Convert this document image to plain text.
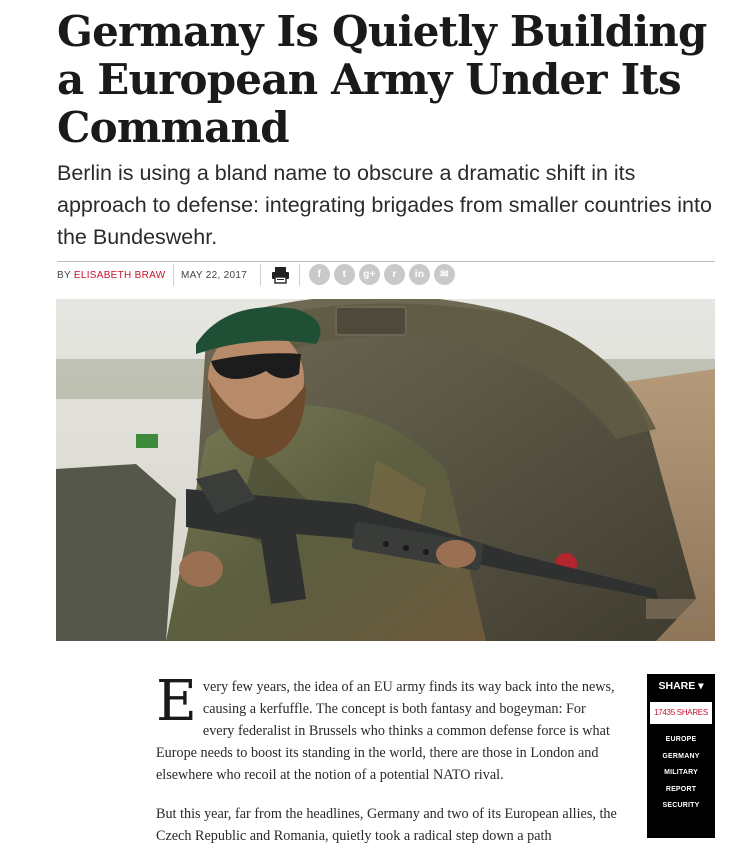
Germany Is Quietly Building a European Army Under Its Command

Berlin is using a bland name to obscure a dramatic shift in its approach to defense: integrating brigades from smaller countries into the Bundeswehr.

BY ELISABETH BRAW MAY 22, 2017	f	t	g+	r	in	✉

Every few years, the idea of an EU army finds its way back into the news, causing a kerfuffle. The concept is both fantasy and bogeyman: For every federalist in Brussels who thinks a common defense force is what Europe needs to boost its standing in the world, there are those in London and elsewhere who recoil at the notion of a potential NATO rival.

But this year, far from the headlines, Germany and two of its European allies, the Czech Republic and Romania, quietly took a radical step down a path

SHARE ▾
17435 SHARES
EUROPE
GERMANY
MILITARY
REPORT
SECURITY
